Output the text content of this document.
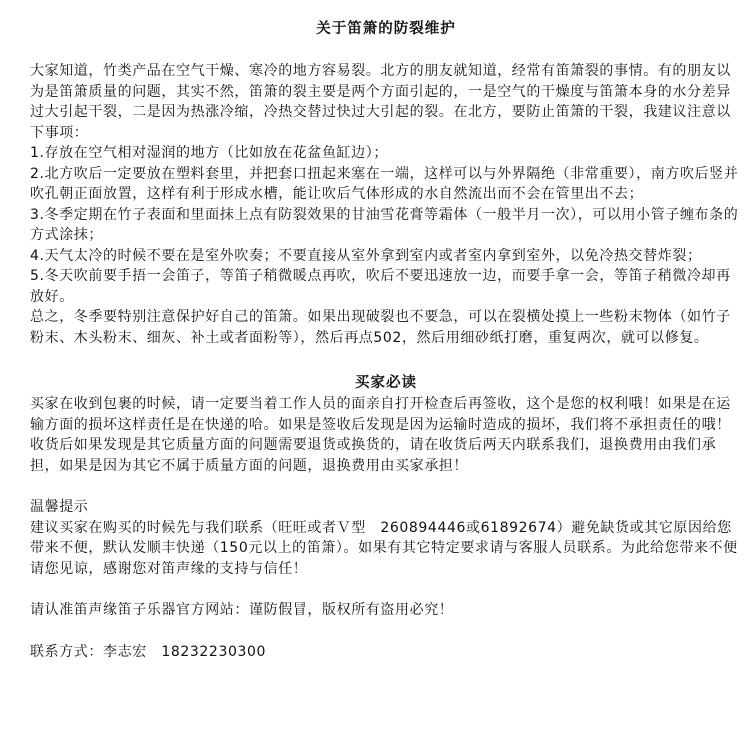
关于笛箫的防裂维护

大家知道，竹类产品在空气干燥、寒冷的地方容易裂。北方的朋友就知道，经常有笛箫裂的事情。有的朋友以为是笛箫质量的问题，其实不然，笛箫的裂主要是两个方面引起的，一是空气的干燥度与笛箫本身的水分差异过大引起干裂，二是因为热涨冷缩，冷热交替过快过大引起的裂。在北方，要防止笛箫的干裂，我建议注意以下事项：

1.存放在空气相对湿润的地方（比如放在花盆鱼缸边）；

2.北方吹后一定要放在塑料套里，并把套口扭起来塞在一端，这样可以与外界隔绝（非常重要），南方吹后竖并吹孔朝正面放置，这样有利于形成水槽，能让吹后气体形成的水自然流出而不会在管里出不去；

3.冬季定期在竹子表面和里面抹上点有防裂效果的甘油雪花膏等霜体（一般半月一次），可以用小管子缠布条的方式涂抹；

4.天气太冷的时候不要在是室外吹奏；不要直接从室外拿到室内或者室内拿到室外，以免冷热交替炸裂；

5.冬天吹前要手捂一会笛子，等笛子稍微暖点再吹，吹后不要迅速放一边，而要手拿一会，等笛子稍微冷却再放好。

总之，冬季要特别注意保护好自己的笛箫。如果出现破裂也不要急，可以在裂横处摸上一些粉末物体（如竹子粉末、木头粉末、细灰、补土或者面粉等），然后再点502，然后用细砂纸打磨，重复两次，就可以修复。

买家必读

买家在收到包裹的时候，请一定要当着工作人员的面亲自打开检查后再签收，这个是您的权利哦！如果是在运输方面的损坏这样责任是在快递的哈。如果是签收后发现是因为运输时造成的损坏，我们将不承担责任的哦！收货后如果发现是其它质量方面的问题需要退货或换货的，请在收货后两天内联系我们，退换费用由我们承担，如果是因为其它不属于质量方面的问题，退换费用由买家承担！

温馨提示

建议买家在购买的时候先与我们联系（旺旺或者Ｖ型　260894446或61892674）避免缺货或其它原因给您带来不便，默认发顺丰快递（150元以上的笛箫）。如果有其它特定要求请与客服人员联系。为此给您带来不便请您见谅，感谢您对笛声缘的支持与信任！

请认准笛声缘笛子乐器官方网站：谨防假冒，版权所有盗用必究！

联系方式：李志宏　18232230300
